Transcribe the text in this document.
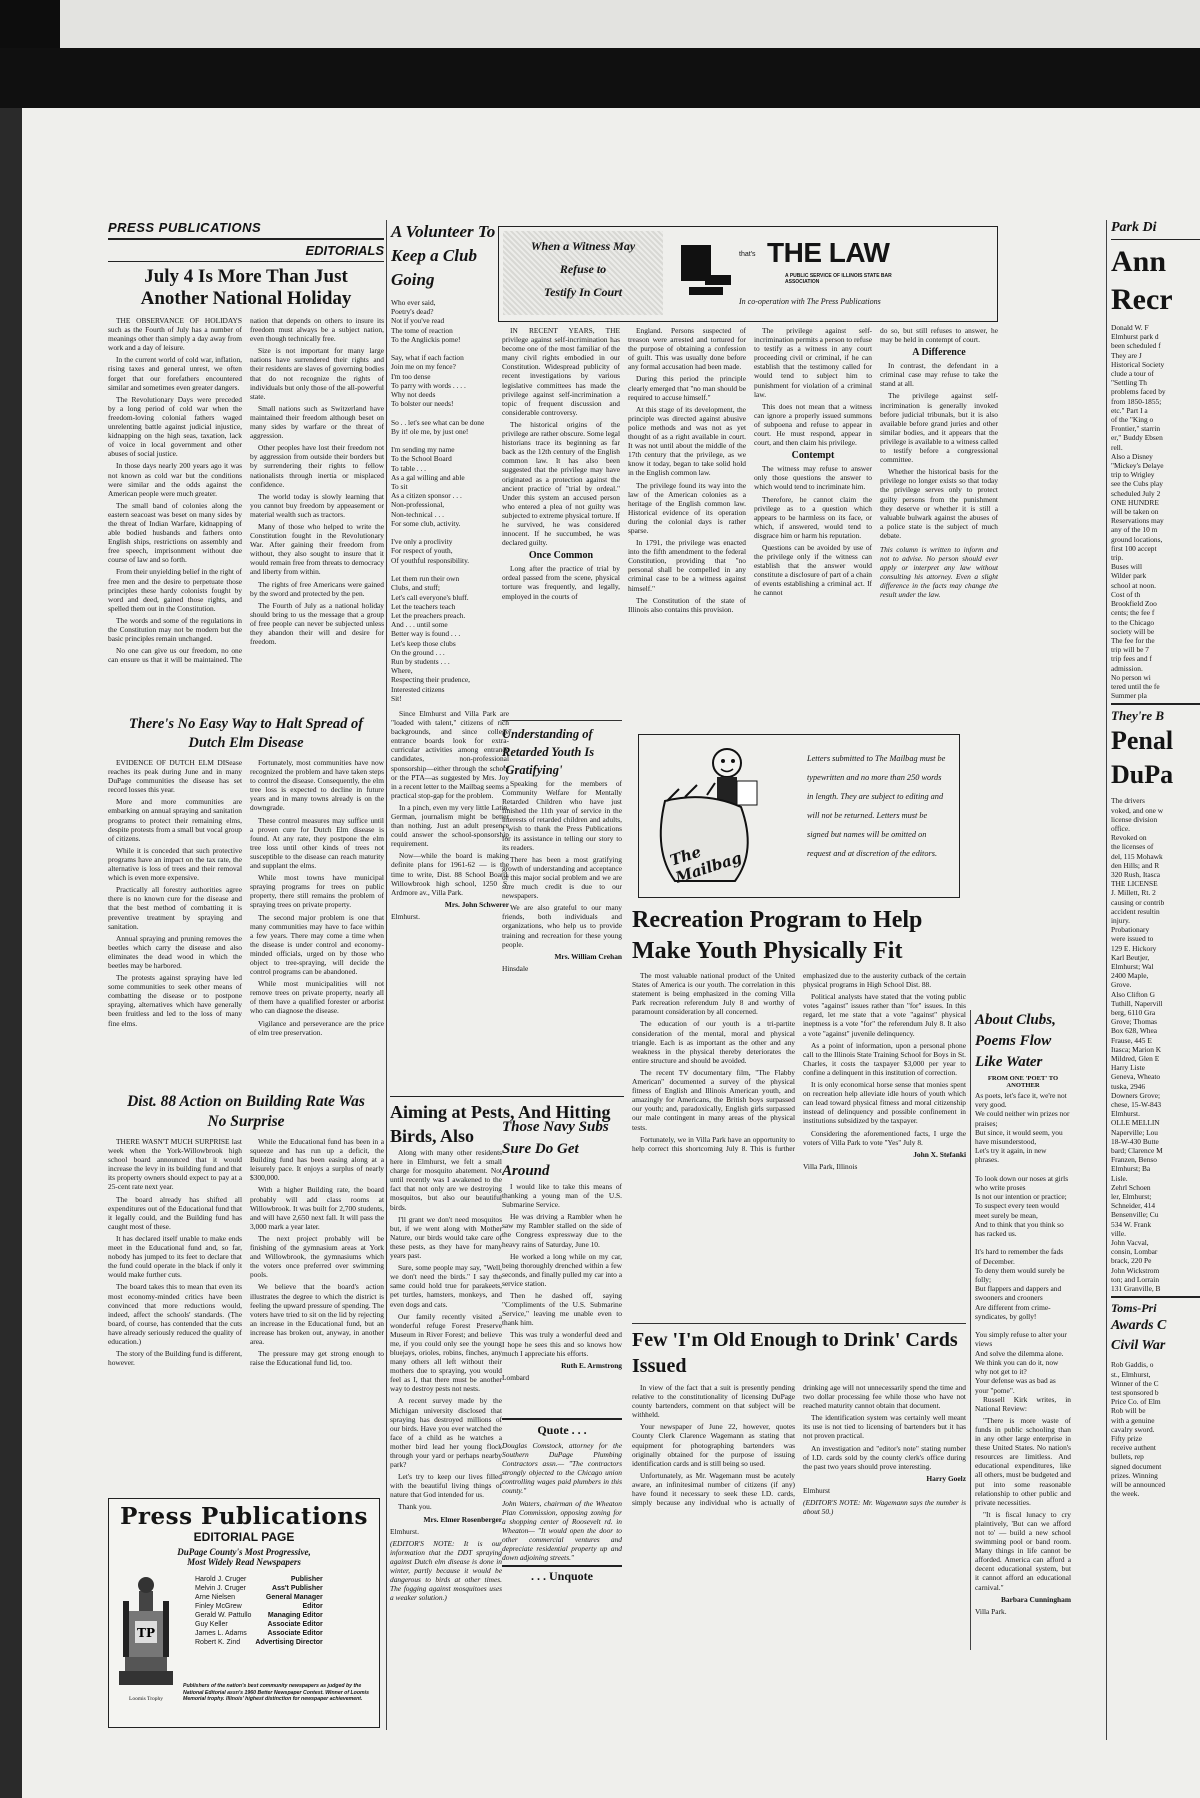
PRESS PUBLICATIONS
EDITORIALS
July 4 Is More Than Just Another National Holiday

THE OBSERVANCE OF HOLIDAYS such as the Fourth of July has a number of meanings other than simply a day away from work and a day of leisure.

In the current world of cold war, inflation, rising taxes and general unrest, we often forget that our forefathers encountered similar and sometimes even greater dangers.

The Revolutionary Days were preceded by a long period of cold war when the freedom-loving colonial fathers waged unrelenting battle against judicial injustice, kidnapping on the high seas, taxation, lack of voice in local government and other abuses of social justice.

In those days nearly 200 years ago it was not known as cold war but the conditions were similar and the odds against the American people were much greater.

The small band of colonies along the eastern seacoast was beset on many sides by the threat of Indian Warfare, kidnapping of able bodied husbands and fathers onto English ships, restrictions on assembly and free speech, imprisonment without due course of law and so forth.

From their unyielding belief in the right of free men and the desire to perpetuate those principles these hardy colonists fought by word and deed, gained those rights, and spelled them out in the Constitution.

The words and some of the regulations in the Constitution may not be modern but the basic principles remain unchanged.

No one can give us our freedom, no one can ensure us that it will be maintained. The nation that depends on others to insure its freedom must always be a subject nation, even though technically free.

Size is not important for many large nations have surrendered their rights and their residents are slaves of governing bodies that do not recognize the rights of individuals but only those of the all-powerful state.

Small nations such as Switzerland have maintained their freedom although beset on many sides by warfare or the threat of aggression.

Other peoples have lost their freedom not by aggression from outside their borders but by surrendering their rights to fellow nationalists through inertia or misplaced confidence.

The world today is slowly learning that you cannot buy freedom by appeasement or material wealth such as tractors.

Many of those who helped to write the Constitution fought in the Revolutionary War. After gaining their freedom from without, they also sought to insure that it would remain free from threats to democracy and liberty from within.

The rights of free Americans were gained by the sword and protected by the pen.

The Fourth of July as a national holiday should bring to us the message that a group of free people can never be subjected unless they abandon their will and desire for freedom.

There's No Easy Way to Halt Spread of Dutch Elm Disease

EVIDENCE OF DUTCH ELM DISease reaches its peak during June and in many DuPage communities the disease has set record losses this year.

More and more communities are embarking on annual spraying and sanitation programs to protect their remaining elms, despite protests from a small but vocal group of citizens.

While it is conceded that such protective programs have an impact on the tax rate, the alternative is loss of trees and their removal which is even more expensive.

Practically all forestry authorities agree there is no known cure for the disease and that the best method of combatting it is preventive treatment by spraying and sanitation.

Annual spraying and pruning removes the beetles which carry the disease and also eliminates the dead wood in which the beetles may be harbored.

The protests against spraying have led some communities to seek other means of combatting the disease or to postpone spraying, alternatives which have generally been fruitless and led to the loss of many fine elms.

Fortunately, most communities have now recognized the problem and have taken steps to control the disease. Consequently, the elm tree loss is expected to decline in future years and in many towns already is on the downgrade.

These control measures may suffice until a proven cure for Dutch Elm disease is found. At any rate, they postpone the elm tree loss until other kinds of trees not susceptible to the disease can reach maturity and supplant the elms.

While most towns have municipal spraying programs for trees on public property, there still remains the problem of spraying trees on private property.

The second major problem is one that many communities may have to face within a few years. There may come a time when the disease is under control and economy-minded officials, urged on by those who object to tree-spraying, will decide the control programs can be abandoned.

While most municipalities will not remove trees on private property, nearly all of them have a qualified forester or arborist who can diagnose the disease.

Vigilance and perseverance are the price of elm tree preservation.

Dist. 88 Action on Building Rate Was No Surprise

THERE WASN'T MUCH SURPRISE last week when the York-Willowbrook high school board announced that it would increase the levy in its building fund and that its property owners should expect to pay at a 25-cent rate next year.

The board already has shifted all expenditures out of the Educational fund that it legally could, and the Building fund has caught most of these.

It has declared itself unable to make ends meet in the Educational fund and, so far, nobody has jumped to its feet to declare that the fund could operate in the black if only it would make further cuts.

The board takes this to mean that even its most economy-minded critics have been convinced that more reductions would, indeed, affect the schools' standards. (The board, of course, has contended that the cuts have already seriously reduced the quality of education.)

The story of the Building fund is different, however.

While the Educational fund has been in a squeeze and has run up a deficit, the Building fund has been easing along at a leisurely pace. It enjoys a surplus of nearly $300,000.

With a higher Building rate, the board probably will add class rooms at Willowbrook. It was built for 2,700 students, and will have 2,650 next fall. It will pass the 3,000 mark a year later.

The next project probably will be finishing of the gymnasium areas at York and Willowbrook, the gymnasiums which the voters once preferred over swimming pools.

We believe that the board's action illustrates the degree to which the district is feeling the upward pressure of spending. The voters have tried to sit on the lid by rejecting an increase in the Educational fund, but an increase has broken out, anyway, in another area.

The pressure may get strong enough to raise the Educational fund lid, too.

Press Publications
EDITORIAL PAGE
DuPage County's Most Progressive,
Most Widely Read Newspapers
TP
Loomis Trophy
Harold J. Cruger	Publisher
Melvin J. Cruger	Ass't Publisher
Arne Nielsen	General Manager
Finley McGrew	Editor
Gerald W. Pattullo	Managing Editor
Guy Keller	Associate Editor
James L. Adams	Associate Editor
Robert K. Zind	Advertising Director
Publishers of the nation's best community newspapers as judged by the National Editorial assn's 1960 Better Newspaper Contest. Winner of Loomis Memorial trophy. Illinois' highest distinction for newspaper achievement.
A Volunteer To Keep a Club Going
Who ever said,
Poetry's dead?
Not if you've read
The tome of reaction
To the Anglickis pome!

Say, what if each faction
Join me on my fence?
I'm too dense
To parry with words . . . .
Why not deeds
To bolster our needs!

So . . let's see what can be done
By it! ole me, by just one!

I'm sending my name
To the School Board
To table . . .
As a gal willing and able
To sit
As a citizen sponsor . . .
Non-professional,
Non-technical . . .
For some club, activity.

I've only a proclivity
For respect of youth,
Of youthful responsibility.

Let them run their own
Clubs, and stuff;
Let's call everyone's bluff.
Let the teachers teach
Let the preachers preach.
And . . . until some
Better way is found . . .
Let's keep those clubs
On the ground . . .
Run by students . . .
Where,
Respecting their prudence,
Interested citizens
Sit!

Since Elmhurst and Villa Park are "loaded with talent," citizens of rich backgrounds, and since college entrance boards look for extra-curricular activities among entrance candidates, non-professional sponsorship—either through the school or the PTA—as suggested by Mrs. Joy in a recent letter to the Mailbag seems a practical stop-gap for the problem.

In a pinch, even my very little Latin, German, journalism might be better than nothing. Just an adult presence could answer the school-sponsorship requirement.

Now—while the board is making definite plans for 1961-62 — is the time to write, Dist. 88 School Board, Willowbrook high school, 1250 S. Ardmore av., Villa Park.

Mrs. John Schwerer
Elmhurst.
Aiming at Pests, And Hitting Birds, Also

Along with many other residents here in Elmhurst, we felt a small charge for mosquito abatement. Not until recently was I awakened to the fact that not only are we destroying mosquitos, but also our beautiful birds.

I'll grant we don't need mosquitos but, if we went along with Mother Nature, our birds would take care of these pests, as they have for many years past.

Sure, some people may say, "Well, we don't need the birds." I say the same could hold true for parakeets, pet turtles, hamsters, monkeys, and even dogs and cats.

Our family recently visited a wonderful refuge Forest Preserve Museum in River Forest; and believe me, if you could only see the young bluejays, orioles, robins, finches, any many others all left without their mothers due to spraying, you would feel as I, that there must be another way to destroy pests not nests.

A recent survey made by the Michigan university disclosed that spraying has destroyed millions of our birds. Have you ever watched the face of a child as he watches a mother bird lead her young flock through your yard or perhaps nearby park?

Let's try to keep our lives filled with the beautiful living things of nature that God intended for us.

Thank you.

Mrs. Elmer Rosenberger
Elmhurst.

(EDITOR'S NOTE: It is our information that the DDT spraying against Dutch elm disease is done in winter, partly because it would be dangerous to birds at other times. The fogging against mosquitoes uses a weaker solution.)

When a Witness May
Refuse to
Testify In Court
that's THE LAW
A PUBLIC SERVICE OF ILLINOIS STATE BAR ASSOCIATION
In co-operation with The Press Publications

IN RECENT YEARS, THE privilege against self-incrimination has become one of the most familiar of the many civil rights embodied in our Constitution. Widespread publicity of recent investigations by various legislative committees has made the privilege against self-incrimination a topic of frequent discussion and considerable controversy.

The historical origins of the privilege are rather obscure. Some legal historians trace its beginning as far back as the 12th century of the English common law. It has also been suggested that the privilege may have originated as a protection against the ancient practice of "trial by ordeal." Under this system an accused person who entered a plea of not guilty was subjected to extreme physical torture. If he survived, he was considered innocent. If he succumbed, he was declared guilty.

Once Common

Long after the practice of trial by ordeal passed from the scene, physical torture was frequently, and legally, employed in the courts of

England. Persons suspected of treason were arrested and tortured for the purpose of obtaining a confession of guilt. This was usually done before any formal accusation had been made.

During this period the principle clearly emerged that "no man should be required to accuse himself."

At this stage of its development, the principle was directed against abusive police methods and was not as yet thought of as a right available in court. It was not until about the middle of the 17th century that the privilege, as we know it today, began to take solid hold in the English common law.

The privilege found its way into the law of the American colonies as a heritage of the English common law. Historical evidence of its operation during the colonial days is rather sparse.

In 1791, the privilege was enacted into the fifth amendment to the federal Constitution, providing that "no personal shall be compelled in any criminal case to be a witness against himself."

The Constitution of the state of Illinois also contains this provision.

The privilege against self-incrimination permits a person to refuse to testify as a witness in any court proceeding civil or criminal, if he can establish that the testimony called for would tend to subject him to punishment for violation of a criminal law.

This does not mean that a witness can ignore a properly issued summons of subpoena and refuse to appear in court. He must respond, appear in court, and then claim his privilege.

Contempt

The witness may refuse to answer only those questions the answer to which would tend to incriminate him.

Therefore, he cannot claim the privilege as to a question which appears to be harmless on its face, or which, if answered, would tend to disgrace him or harm his reputation.

Questions can be avoided by use of the privilege only if the witness can establish that the answer would constitute a disclosure of part of a chain of events establishing a criminal act. If he cannot

do so, but still refuses to answer, he may be held in contempt of court.

A Difference

In contrast, the defendant in a criminal case may refuse to take the stand at all.

The privilege against self-incrimination is generally invoked before judicial tribunals, but it is also available before grand juries and other similar bodies, and it appears that the privilege is available to a witness called to testify before a congressional committee.

Whether the historical basis for the privilege no longer exists so that today the privilege serves only to protect guilty persons from the punishment they deserve or whether it is still a valuable bulwark against the abuses of a police state is the subject of much debate.

This column is written to inform and not to advise. No person should ever apply or interpret any law without consulting his attorney. Even a slight difference in the facts may change the result under the law.

Understanding of Retarded Youth Is 'Gratifying'

Speaking for the members of Community Welfare for Mentally Retarded Children who have just finished the 11th year of service in the interests of retarded children and adults, I wish to thank the Press Publications for its assistance in telling our story to its readers.

There has been a most gratifying growth of understanding and acceptance of this major social problem and we are sure much credit is due to our newspapers.

We are also grateful to our many friends, both individuals and organizations, who help us to provide training and recreation for these young people.

Mrs. William Crehan
Hinsdale
Those Navy Subs Sure Do Get Around

I would like to take this means of thanking a young man of the U.S. Submarine Service.

He was driving a Rambler when he saw my Rambler stalled on the side of the Congress expressway due to the heavy rains of Saturday, June 10.

He worked a long while on my car, being thoroughly drenched within a few seconds, and finally pulled my car into a service station.

Then he dashed off, saying "Compliments of the U.S. Submarine Service," leaving me unable even to thank him.

This was truly a wonderful deed and I hope he sees this and so knows how much I appreciate his efforts.

Ruth E. Armstrong
Lombard
Quote . . .

Douglas Comstock, attorney for the Southern DuPage Plumbing Contractors assn.— "The contractors strongly objected to the Chicago union controlling wages paid plumbers in this county."

John Waters, chairman of the Wheaton Plan Commission, opposing zoning for a shopping center of Roosevelt rd. in Wheaton— "It would open the door to other commercial ventures and depreciate residential property up and down adjoining streets."

. . . Unquote
The Mailbag
Letters submitted to The Mailbag must be typewritten and no more than 250 words in length. They are subject to editing and will not be returned. Letters must be signed but names will be omitted on request and at discretion of the editors.
Recreation Program to Help Make Youth Physically Fit

The most valuable national product of the United States of America is our youth. The correlation in this statement is being emphasized in the coming Villa Park recreation referendum July 8 and worthy of paramount consideration by all concerned.

The education of our youth is a tri-partite consideration of the mental, moral and physical triangle. Each is as important as the other and any weakness in the physical thereby deteriorates the entire structure and should be avoided.

The recent TV documentary film, "The Flabby American" documented a survey of the physical fitness of English and Illinois American youth, and amazingly for Americans, the British boys surpassed our youth; and, paradoxically, English girls surpassed our male contingent in many areas of the physical tests.

Fortunately, we in Villa Park have an opportunity to help correct this shortcoming July 8. This is further emphasized due to the austerity cutback of the certain physical programs in High School Dist. 88.

Political analysts have stated that the voting public votes "against" issues rather than "for" issues. In this regard, let me state that a vote "against" physical ineptness is a vote "for" the referendum July 8. It also a vote "against" juvenile delinquency.

As a point of information, upon a personal phone call to the Illinois State Training School for Boys in St. Charles, it costs the taxpayer $3,000 per year to confine a delinquent in this institution of correction.

It is only economical horse sense that monies spent on recreation help alleviate idle hours of youth which can lead toward physical fitness and moral citizenship instead of delinquency and possible confinement in institutions subsidized by the taxpayer.

Considering the aforementioned facts, I urge the voters of Villa Park to vote "Yes" July 8.

John X. Stefanki
Villa Park, Illinois
Few 'I'm Old Enough to Drink' Cards Issued

In view of the fact that a suit is presently pending relative to the constitutionality of licensing DuPage county bartenders, comment on that subject will be withheld.

Your newspaper of June 22, however, quotes County Clerk Clarence Wagemann as stating that equipment for photographing bartenders was originally obtained for the purpose of issuing identification cards and is still being so used.

Unfortunately, as Mr. Wagemann must be acutely aware, an infinitesimal number of citizens (if any) have found it necessary to seek these I.D. cards, simply because any individual who is actually of drinking age will not unnecessarily spend the time and two dollar processing fee while those who have not reached maturity cannot obtain that document.

The identification system was certainly well meant its use is not tied to licensing of bartenders but it has not proven practical.

An investigation and "editor's note" stating number of I.D. cards sold by the county clerk's office during the past two years should prove interesting.

Harry Goelz
Elmhurst

(EDITOR'S NOTE: Mr. Wagemann says the number is about 50.)

About Clubs, Poems Flow Like Water
FROM ONE 'POET' TO ANOTHER
As poets, let's face it, we're not very good.
We could neither win prizes nor praises;
But since, it would seem, you have misunderstood,
Let's try it again, in new phrases.

To look down our noses at girls who write proses
Is not our intention or practice;
To suspect every teen would meet surely be mean,
And to think that you think so has racked us.

It's hard to remember the fads of December.
To deny them would surely be folly;
But flappers and dappers and swooners and crooners
Are different from crime-syndicates, by golly!

You simply refuse to alter your views
And solve the dilemma alone.
We think you can do it, now why not get to it?
Your defense was as bad as your "pome".

Russell Kirk writes, in National Review:

"There is more waste of funds in public schooling than in any other large enterprise in these United States. No nation's resources are limitless. And educational expenditures, like all others, must be budgeted and put into some reasonable relationship to other public and private necessities.

"It is fiscal lunacy to cry plaintively, 'But can we afford not to' — build a new school swimming pool or band room. Many things in life cannot be afforded. America can afford a decent educational system, but it cannot afford an educational carnival."

Barbara Cunningham
Villa Park.
Park Di
Ann
Recr
Donald W. F
Elmhurst park d
been scheduled f
They are J
Historical Society
clude a tour of
"Settling Th
problems faced by
from 1850-1855;
etc." Part I a
of the "King o
Frontier," starrin
er," Buddy Ebsen
rell.
Also a Disney
"Mickey's Delaye
trip to Wrigley
see the Cubs play
scheduled July 2
ONE HUNDRE
will be taken on
Reservations may
any of the 10 m
ground locations,
first 100 accept
trip.
Buses will
Wilder park
school at noon.
Cost of th
Brookfield Zoo
cents; the fee f
to the Chicago
society will be
The fee for the
trip will be 7
trip fees and f
admission.
No person wi
tered until the fe
Summer pla
They're B
Penal
DuPa
The drivers
voked, and one w
license division
office.
Revoked on
the licenses of
del, 115 Mohawk
den Hills; and R
320 Rush, Itasca
THE LICENSE
J. Millett, Rt. 2
causing or contrib
accident resultin
injury.
Probationary
were issued to
129 E. Hickory
Karl Beutjer,
Elmhurst; Wal
2400 Maple,
Grove.
Also Clifton G
Tuthill, Napervill
berg, 6110 Gra
Grove; Thomas
Box 628, Whea
Frause, 445 E
Itasca; Marion K
Mildred, Glen E
Harry Liste
Geneva, Wheato
tuska, 2946
Downers Grove;
chese, 15-W-843
Elmhurst.
OLLE MELLIN
Naperville; Lou
18-W-430 Butte
bard; Clarence M
Franzen, Benso
Elmhurst; Ba
Lisle.
Zehrl Schoen
ler, Elmhurst;
Schneider, 414
Bensenville; Cu
534 W. Frank
ville.
John Vacval,
consin, Lombar
brack, 220 Pe
John Wickstrom
ton; and Lorrain
131 Granville, B
Toms-Pri
Awards C
Civil War
Rob Gaddis, o
st., Elmhurst,
Winner of the C
test sponsored b
Price Co. of Elm
Rob will be
with a genuine
cavalry sword.
Fifty prize
receive authent
bullets, rep
signed document
prizes. Winning
will be announced
the week.
